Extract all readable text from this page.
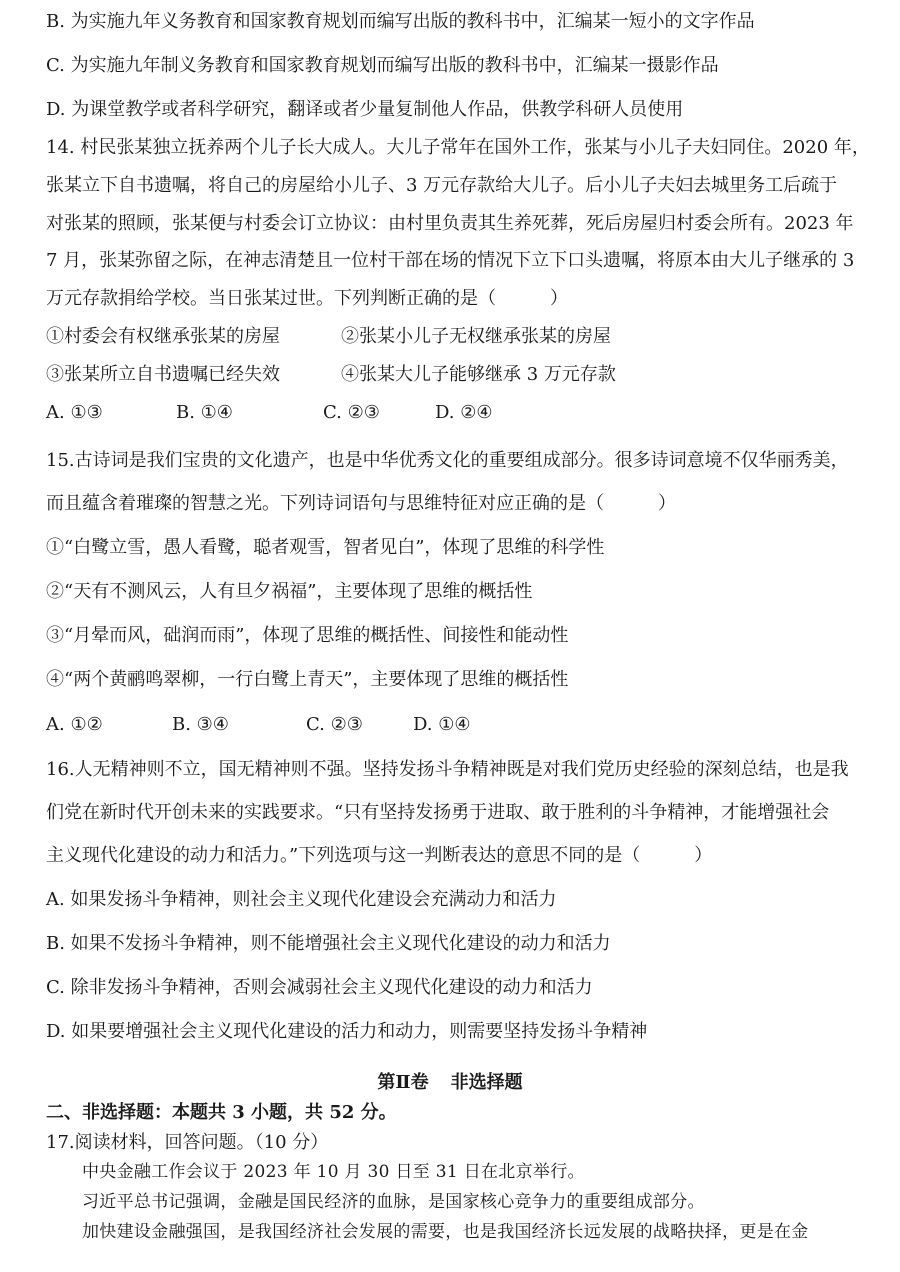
B. 为实施九年义务教育和国家教育规划而编写出版的教科书中，汇编某一短小的文字作品
C. 为实施九年制义务教育和国家教育规划而编写出版的教科书中，汇编某一摄影作品
D. 为课堂教学或者科学研究，翻译或者少量复制他人作品，供教学科研人员使用
14. 村民张某独立抚养两个儿子长大成人。大儿子常年在国外工作，张某与小儿子夫妇同住。2020 年，
张某立下自书遗嘱，将自己的房屋给小儿子、3 万元存款给大儿子。后小儿子夫妇去城里务工后疏于
对张某的照顾，张某便与村委会订立协议：由村里负责其生养死葬，死后房屋归村委会所有。2023 年
7 月，张某弥留之际，在神志清楚且一位村干部在场的情况下立下口头遗嘱，将原本由大儿子继承的 3
万元存款捐给学校。当日张某过世。下列判断正确的是（　　　）
①村委会有权继承张某的房屋	②张某小儿子无权继承张某的房屋
③张某所立自书遗嘱已经失效	④张某大儿子能够继承 3 万元存款
A. ①③	B. ①④	C. ②③	D. ②④
15.古诗词是我们宝贵的文化遗产，也是中华优秀文化的重要组成部分。很多诗词意境不仅华丽秀美，
而且蕴含着璀璨的智慧之光。下列诗词语句与思维特征对应正确的是（　　　）
①“白鹭立雪，愚人看鹭，聪者观雪，智者见白”，体现了思维的科学性
②“天有不测风云，人有旦夕祸福”，主要体现了思维的概括性
③“月晕而风，础润而雨”，体现了思维的概括性、间接性和能动性
④“两个黄鹂鸣翠柳，一行白鹭上青天”，主要体现了思维的概括性
A. ①②	B. ③④	C. ②③	D. ①④
16.人无精神则不立，国无精神则不强。坚持发扬斗争精神既是对我们党历史经验的深刻总结，也是我
们党在新时代开创未来的实践要求。“只有坚持发扬勇于进取、敢于胜利的斗争精神，才能增强社会
主义现代化建设的动力和活力。”下列选项与这一判断表达的意思不同的是（　　　）
A. 如果发扬斗争精神，则社会主义现代化建设会充满动力和活力
B. 如果不发扬斗争精神，则不能增强社会主义现代化建设的动力和活力
C. 除非发扬斗争精神，否则会减弱社会主义现代化建设的动力和活力
D. 如果要增强社会主义现代化建设的活力和动力，则需要坚持发扬斗争精神
第Ⅱ卷 非选择题
二、非选择题：本题共 3 小题，共 52 分。
17.阅读材料，回答问题。（10 分）
中央金融工作会议于 2023 年 10 月 30 日至 31 日在北京举行。
习近平总书记强调，金融是国民经济的血脉，是国家核心竞争力的重要组成部分。
加快建设金融强国，是我国经济社会发展的需要，也是我国经济长远发展的战略抉择，更是在金
